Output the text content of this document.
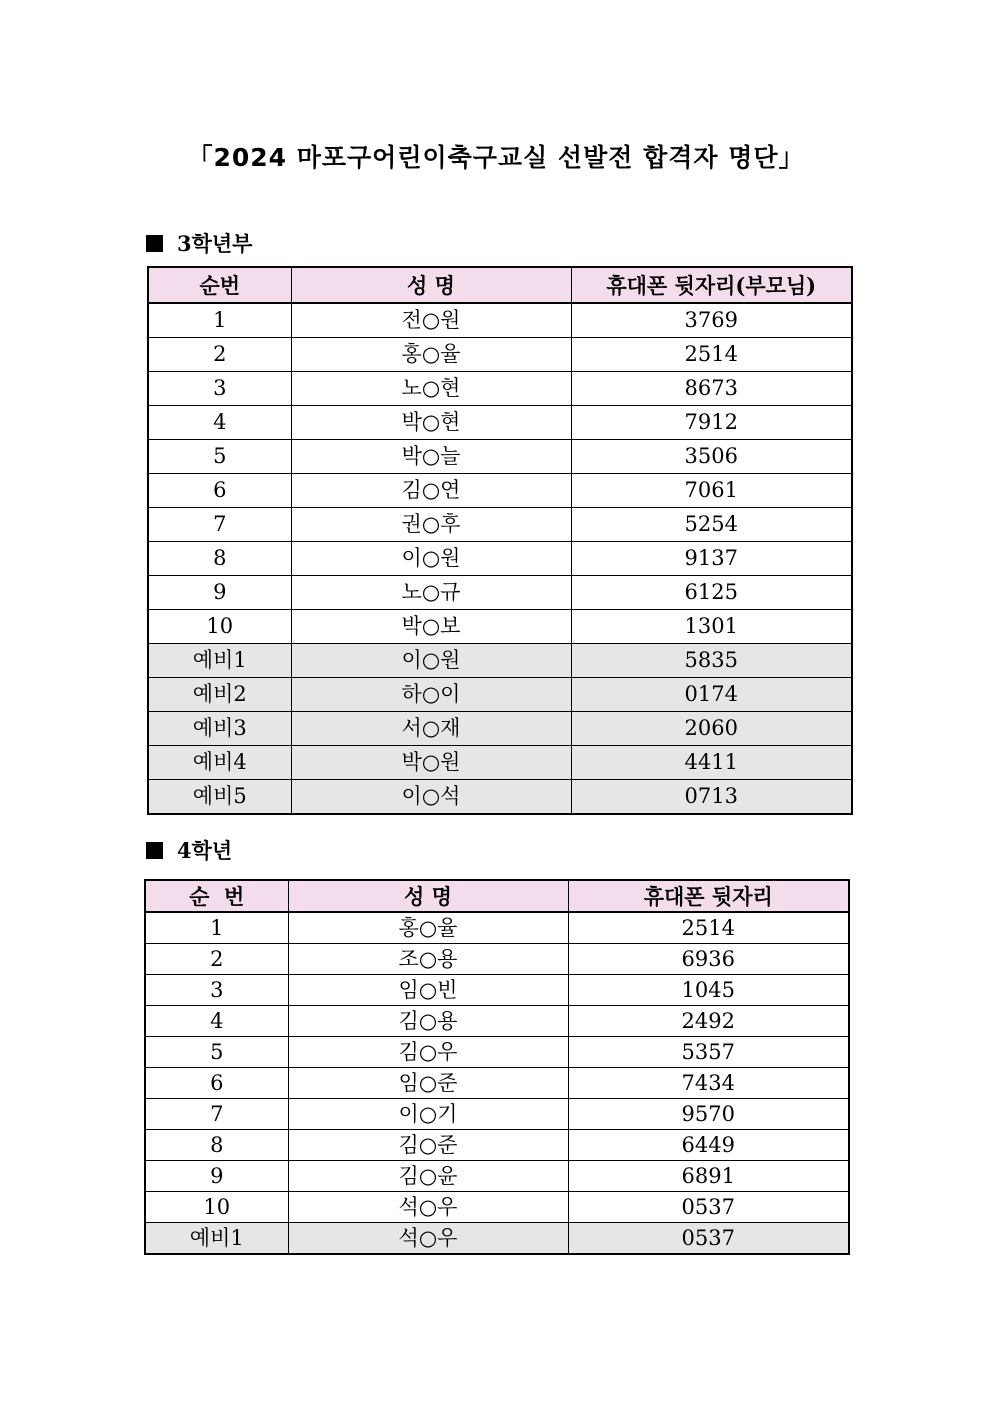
「2024 마포구어린이축구교실 선발전 합격자 명단」
3학년부
순번	성 명	휴대폰 뒷자리(부모님)
1	전○원	3769
2	홍○율	2514
3	노○현	8673
4	박○현	7912
5	박○늘	3506
6	김○연	7061
7	권○후	5254
8	이○원	9137
9	노○규	6125
10	박○보	1301
예비1	이○원	5835
예비2	하○이	0174
예비3	서○재	2060
예비4	박○원	4411
예비5	이○석	0713
4학년
순  번	성 명	휴대폰 뒷자리
1	홍○율	2514
2	조○용	6936
3	임○빈	1045
4	김○용	2492
5	김○우	5357
6	임○준	7434
7	이○기	9570
8	김○준	6449
9	김○윤	6891
10	석○우	0537
예비1	석○우	0537
